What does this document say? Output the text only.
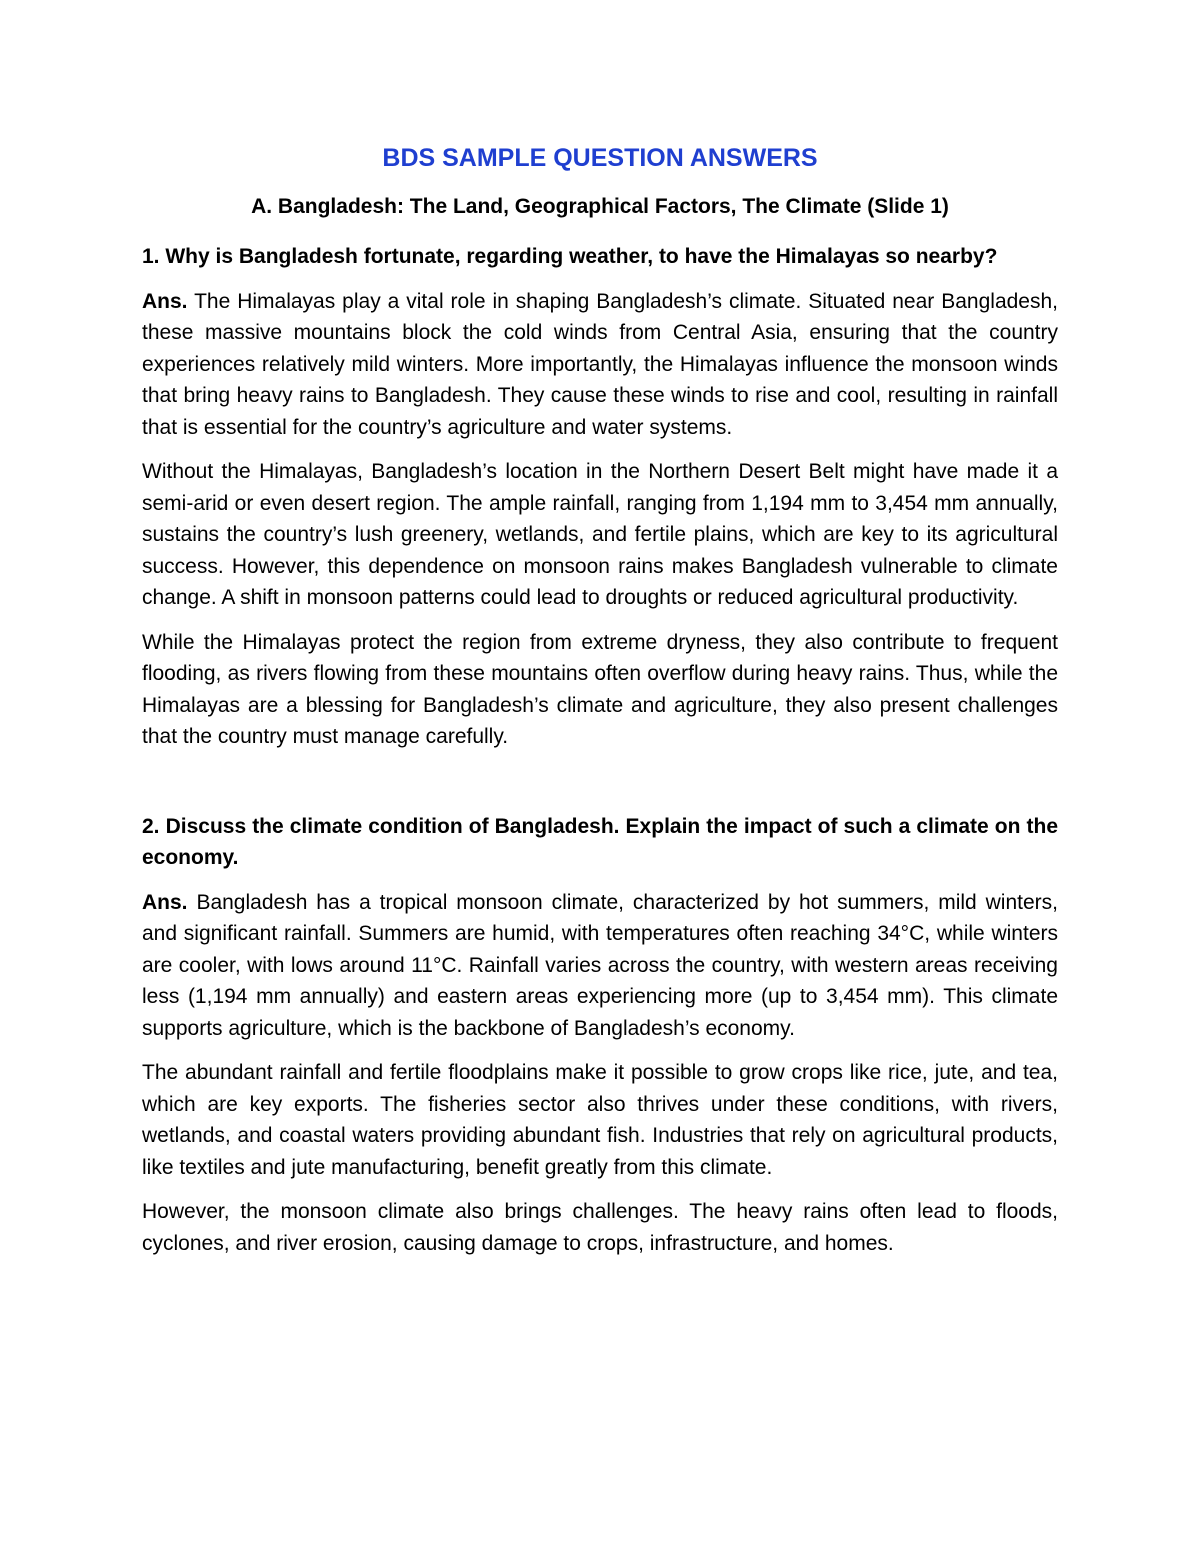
BDS SAMPLE QUESTION ANSWERS
A. Bangladesh: The Land, Geographical Factors, The Climate (Slide 1)
1. Why is Bangladesh fortunate, regarding weather, to have the Himalayas so nearby?

Ans. The Himalayas play a vital role in shaping Bangladesh’s climate. Situated near Bangladesh, these massive mountains block the cold winds from Central Asia, ensuring that the country experiences relatively mild winters. More importantly, the Himalayas influence the monsoon winds that bring heavy rains to Bangladesh. They cause these winds to rise and cool, resulting in rainfall that is essential for the country’s agriculture and water systems.

Without the Himalayas, Bangladesh’s location in the Northern Desert Belt might have made it a semi-arid or even desert region. The ample rainfall, ranging from 1,194 mm to 3,454 mm annually, sustains the country’s lush greenery, wetlands, and fertile plains, which are key to its agricultural success. However, this dependence on monsoon rains makes Bangladesh vulnerable to climate change. A shift in monsoon patterns could lead to droughts or reduced agricultural productivity.

While the Himalayas protect the region from extreme dryness, they also contribute to frequent flooding, as rivers flowing from these mountains often overflow during heavy rains. Thus, while the Himalayas are a blessing for Bangladesh’s climate and agriculture, they also present challenges that the country must manage carefully.

2. Discuss the climate condition of Bangladesh. Explain the impact of such a climate on the economy.

Ans. Bangladesh has a tropical monsoon climate, characterized by hot summers, mild winters, and significant rainfall. Summers are humid, with temperatures often reaching 34°C, while winters are cooler, with lows around 11°C. Rainfall varies across the country, with western areas receiving less (1,194 mm annually) and eastern areas experiencing more (up to 3,454 mm). This climate supports agriculture, which is the backbone of Bangladesh’s economy.

The abundant rainfall and fertile floodplains make it possible to grow crops like rice, jute, and tea, which are key exports. The fisheries sector also thrives under these conditions, with rivers, wetlands, and coastal waters providing abundant fish. Industries that rely on agricultural products, like textiles and jute manufacturing, benefit greatly from this climate.

However, the monsoon climate also brings challenges. The heavy rains often lead to floods, cyclones, and river erosion, causing damage to crops, infrastructure, and homes.
